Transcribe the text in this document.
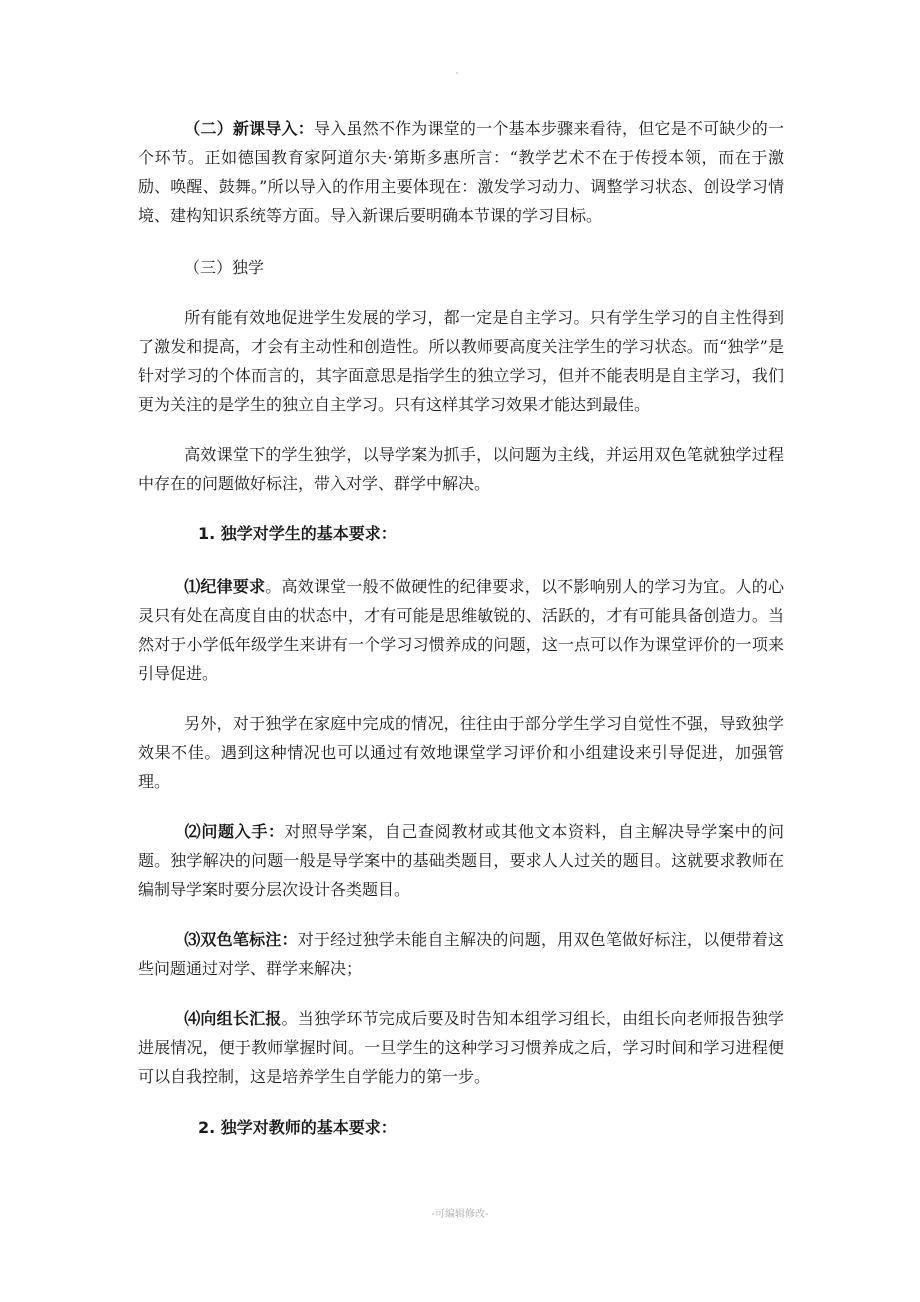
（二）新课导入：导入虽然不作为课堂的一个基本步骤来看待，但它是不可缺少的一个环节。正如德国教育家阿道尔夫·第斯多惠所言：“教学艺术不在于传授本领，而在于激励、唤醒、鼓舞。”所以导入的作用主要体现在：激发学习动力、调整学习状态、创设学习情境、建构知识系统等方面。导入新课后要明确本节课的学习目标。

（三）独学

所有能有效地促进学生发展的学习，都一定是自主学习。只有学生学习的自主性得到了激发和提高，才会有主动性和创造性。所以教师要高度关注学生的学习状态。而“独学”是针对学习的个体而言的，其字面意思是指学生的独立学习，但并不能表明是自主学习，我们更为关注的是学生的独立自主学习。只有这样其学习效果才能达到最佳。

高效课堂下的学生独学，以导学案为抓手，以问题为主线，并运用双色笔就独学过程中存在的问题做好标注，带入对学、群学中解决。

1. 独学对学生的基本要求：

⑴纪律要求。高效课堂一般不做硬性的纪律要求，以不影响别人的学习为宜。人的心灵只有处在高度自由的状态中，才有可能是思维敏锐的、活跃的，才有可能具备创造力。当然对于小学低年级学生来讲有一个学习习惯养成的问题，这一点可以作为课堂评价的一项来引导促进。

另外，对于独学在家庭中完成的情况，往往由于部分学生学习自觉性不强，导致独学效果不佳。遇到这种情况也可以通过有效地课堂学习评价和小组建设来引导促进，加强管理。

⑵问题入手：对照导学案，自己查阅教材或其他文本资料，自主解决导学案中的问题。独学解决的问题一般是导学案中的基础类题目，要求人人过关的题目。这就要求教师在编制导学案时要分层次设计各类题目。

⑶双色笔标注：对于经过独学未能自主解决的问题，用双色笔做好标注，以便带着这些问题通过对学、群学来解决；

⑷向组长汇报。当独学环节完成后要及时告知本组学习组长，由组长向老师报告独学进展情况，便于教师掌握时间。一旦学生的这种学习习惯养成之后，学习时间和学习进程便可以自我控制，这是培养学生自学能力的第一步。

2. 独学对教师的基本要求：

-可编辑修改-
